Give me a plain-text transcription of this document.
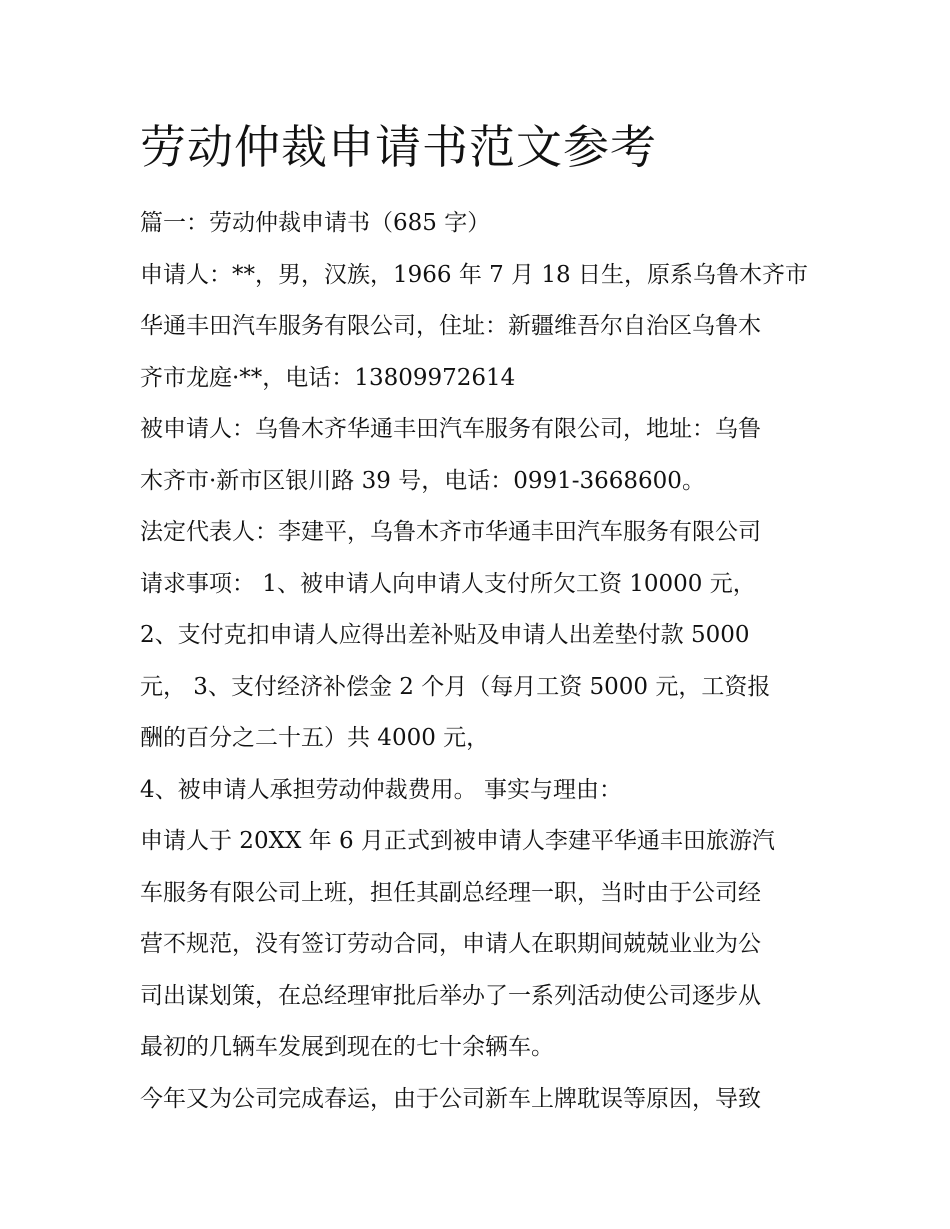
劳动仲裁申请书范文参考

篇一：劳动仲裁申请书（685 字）

申请人：**，男，汉族，1966 年 7 月 18 日生，原系乌鲁木齐市
华通丰田汽车服务有限公司，住址：新疆维吾尔自治区乌鲁木
齐市龙庭·**，电话：13809972614

被申请人：乌鲁木齐华通丰田汽车服务有限公司，地址：乌鲁
木齐市·新市区银川路 39 号，电话：0991-3668600。

法定代表人：李建平，乌鲁木齐市华通丰田汽车服务有限公司

请求事项： 1、被申请人向申请人支付所欠工资 10000 元，

2、支付克扣申请人应得出差补贴及申请人出差垫付款 5000
元， 3、支付经济补偿金 2 个月（每月工资 5000 元，工资报
酬的百分之二十五）共 4000 元，

4、被申请人承担劳动仲裁费用。 事实与理由：

申请人于 20XX 年 6 月正式到被申请人李建平华通丰田旅游汽
车服务有限公司上班，担任其副总经理一职，当时由于公司经
营不规范，没有签订劳动合同，申请人在职期间兢兢业业为公
司出谋划策，在总经理审批后举办了一系列活动使公司逐步从
最初的几辆车发展到现在的七十余辆车。

今年又为公司完成春运，由于公司新车上牌耽误等原因，导致
